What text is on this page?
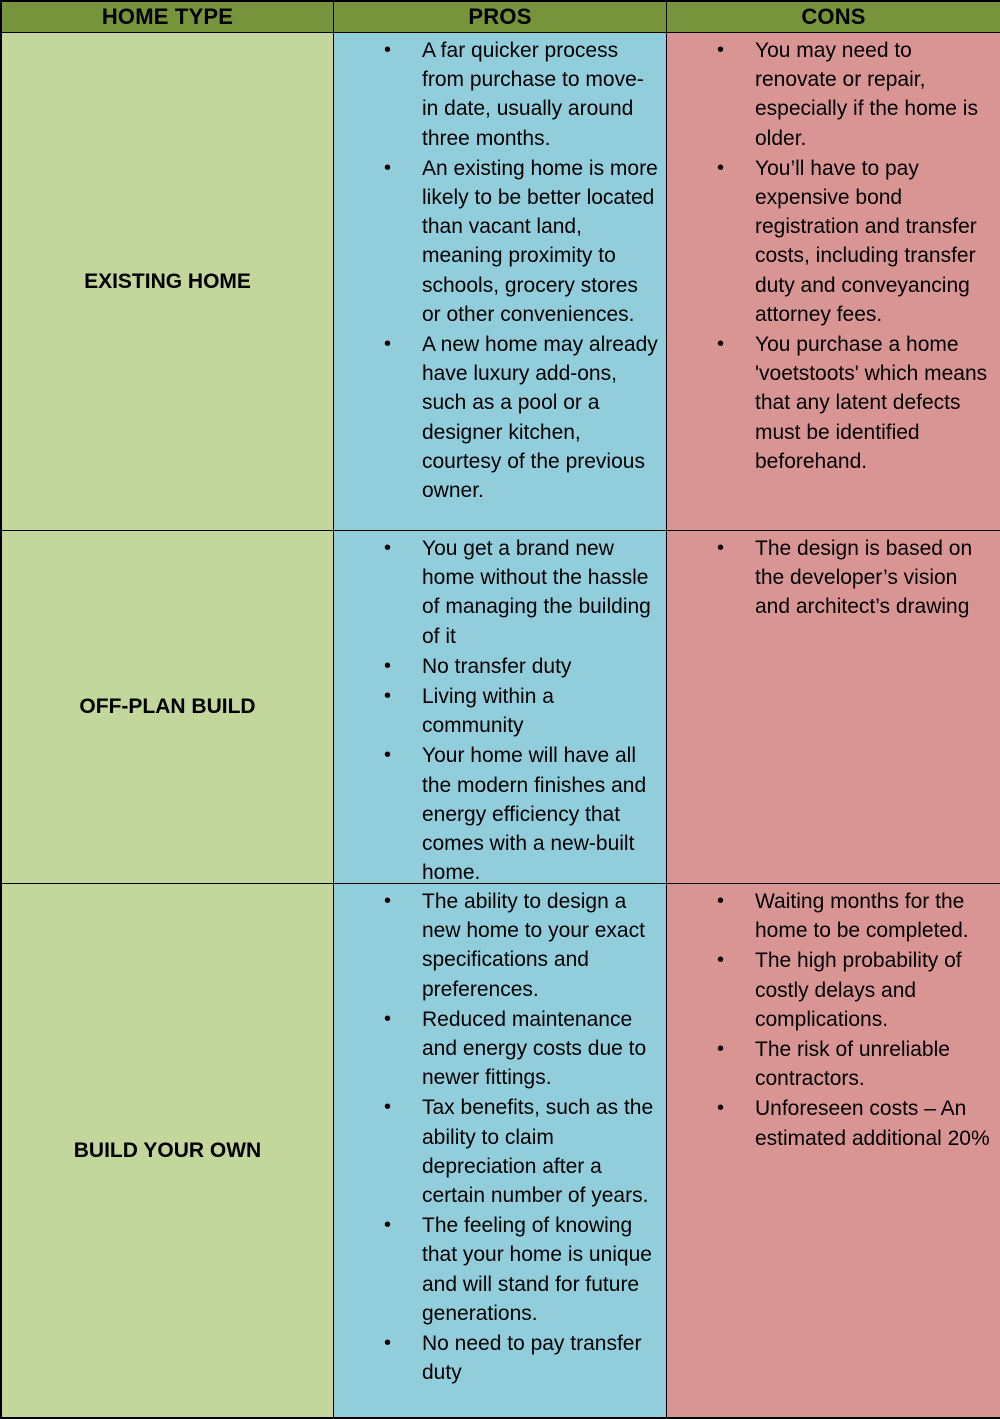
HOME TYPE	PROS	CONS
EXISTING HOME
• A far quicker process from purchase to move-in date, usually around three months.
• An existing home is more likely to be better located than vacant land, meaning proximity to schools, grocery stores or other conveniences.
• A new home may already have luxury add-ons, such as a pool or a designer kitchen, courtesy of the previous owner.
• You may need to renovate or repair, especially if the home is older.
• You’ll have to pay expensive bond registration and transfer costs, including transfer duty and conveyancing attorney fees.
• You purchase a home 'voetstoots' which means that any latent defects must be identified beforehand.
OFF-PLAN BUILD
• You get a brand new home without the hassle of managing the building of it
• No transfer duty
• Living within a community
• Your home will have all the modern finishes and energy efficiency that comes with a new-built home.
• The design is based on the developer’s vision and architect’s drawing
BUILD YOUR OWN
• The ability to design a new home to your exact specifications and preferences.
• Reduced maintenance and energy costs due to newer fittings.
• Tax benefits, such as the ability to claim depreciation after a certain number of years.
• The feeling of knowing that your home is unique and will stand for future generations.
• No need to pay transfer duty
• Waiting months for the home to be completed.
• The high probability of costly delays and complications.
• The risk of unreliable contractors.
• Unforeseen costs – An estimated additional 20%
